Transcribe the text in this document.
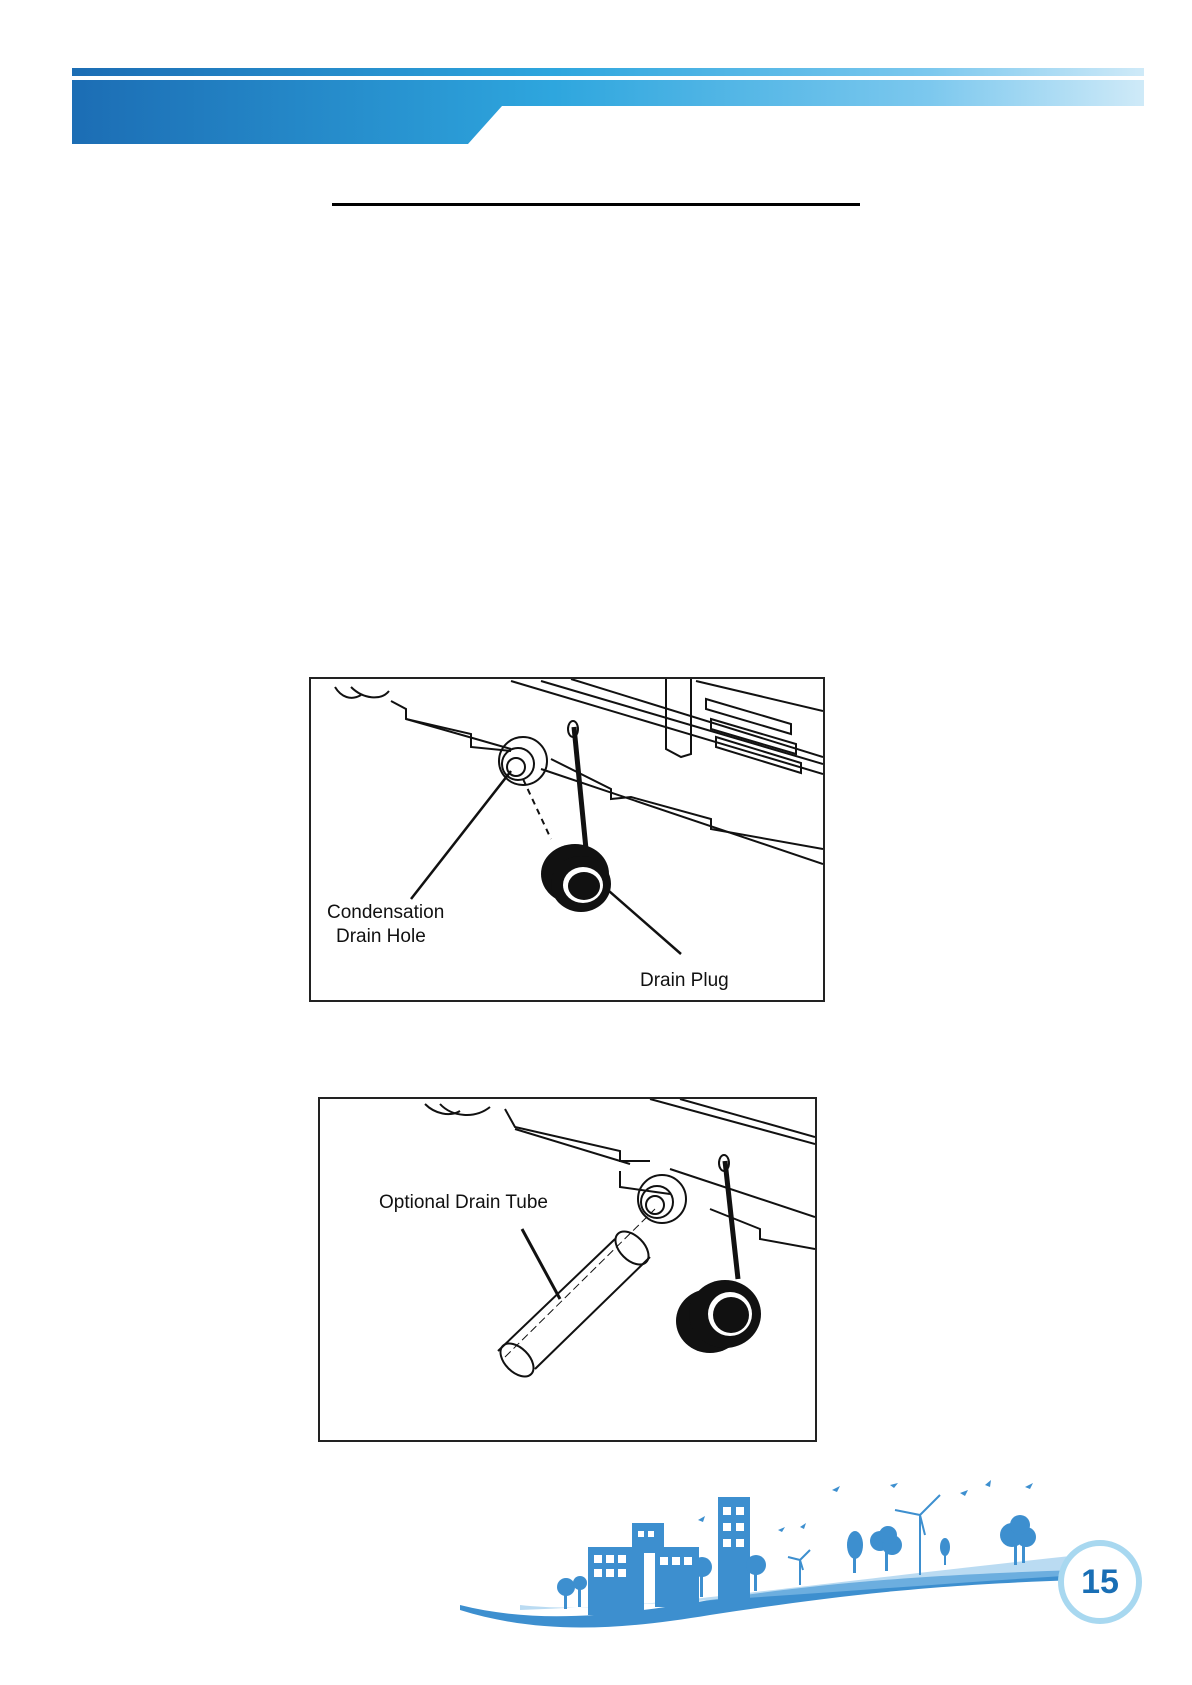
Condensation
Drain Hole
Drain Plug
Optional Drain Tube
15
